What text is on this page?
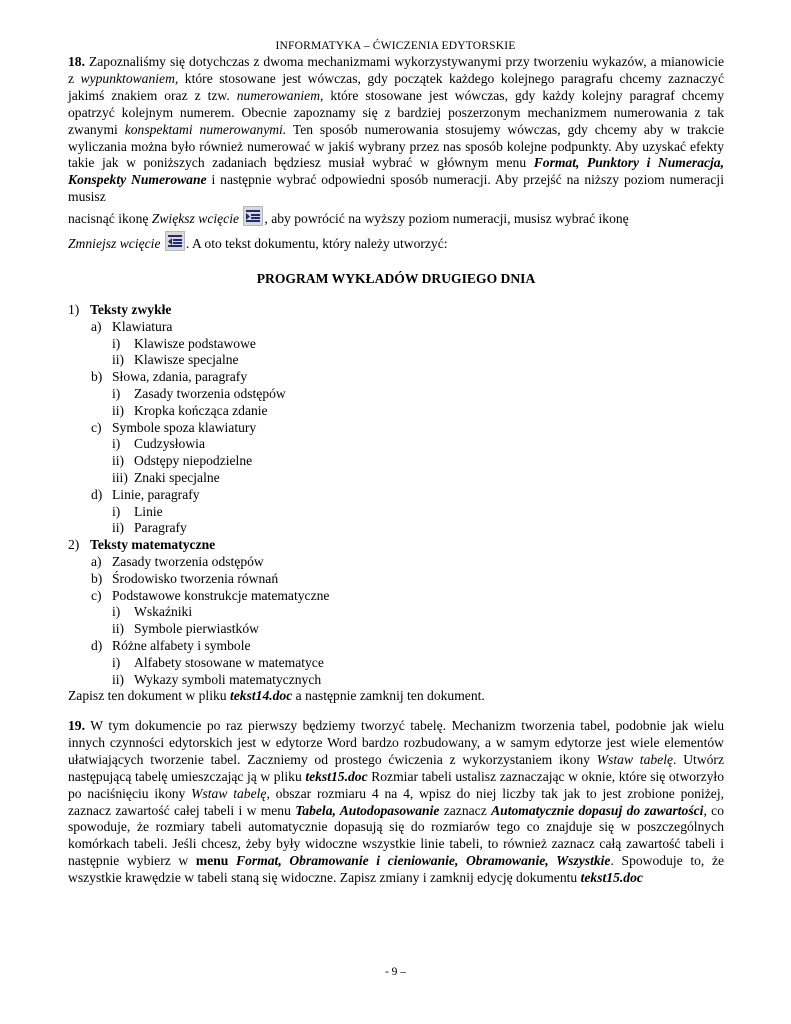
INFORMATYKA – ĆWICZENIA EDYTORSKIE
18. Zapoznaliśmy się dotychczas z dwoma mechanizmami wykorzystywanymi przy tworzeniu wykazów, a mianowicie z wypunktowaniem, które stosowane jest wówczas, gdy początek każdego kolejnego paragrafu chcemy zaznaczyć jakimś znakiem oraz z tzw. numerowaniem, które stosowane jest wówczas, gdy każdy kolejny paragraf chcemy opatrzyć kolejnym numerem. Obecnie zapoznamy się z bardziej poszerzonym mechanizmem numerowania z tak zwanymi konspektami numerowanymi. Ten sposób numerowania stosujemy wówczas, gdy chcemy aby w trakcie wyliczania można było również numerować w jakiś wybrany przez nas sposób kolejne podpunkty. Aby uzyskać efekty takie jak w poniższych zadaniach będziesz musiał wybrać w głównym menu Format, Punktory i Numeracja, Konspekty Numerowane i następnie wybrać odpowiedni sposób numeracji. Aby przejść na niższy poziom numeracji musisz
nacisnąć ikonę Zwiększ wcięcie , aby powrócić na wyższy poziom numeracji, musisz wybrać ikonę
Zmniejsz wcięcie . A oto tekst dokumentu, który należy utworzyć:
PROGRAM WYKŁADÓW DRUGIEGO DNIA
1) Teksty zwykłe
a) Klawiatura
i) Klawisze podstawowe
ii) Klawisze specjalne
b) Słowa, zdania, paragrafy
i) Zasady tworzenia odstępów
ii) Kropka kończąca zdanie
c) Symbole spoza klawiatury
i) Cudzysłowia
ii) Odstępy niepodzielne
iii) Znaki specjalne
d) Linie, paragrafy
i) Linie
ii) Paragrafy
2) Teksty matematyczne
a) Zasady tworzenia odstępów
b) Środowisko tworzenia równań
c) Podstawowe konstrukcje matematyczne
i) Wskaźniki
ii) Symbole pierwiastków
d) Różne alfabety i symbole
i) Alfabety stosowane w matematyce
ii) Wykazy symboli matematycznych
Zapisz ten dokument w pliku tekst14.doc a następnie zamknij ten dokument.
19. W tym dokumencie po raz pierwszy będziemy tworzyć tabelę. Mechanizm tworzenia tabel, podobnie jak wielu innych czynności edytorskich jest w edytorze Word bardzo rozbudowany, a w samym edytorze jest wiele elementów ułatwiających tworzenie tabel. Zaczniemy od prostego ćwiczenia z wykorzystaniem ikony Wstaw tabelę. Utwórz następującą tabelę umieszczając ją w pliku tekst15.doc Rozmiar tabeli ustalisz zaznaczając w oknie, które się otworzyło po naciśnięciu ikony Wstaw tabelę, obszar rozmiaru 4 na 4, wpisz do niej liczby tak jak to jest zrobione poniżej, zaznacz zawartość całej tabeli i w menu Tabela, Autodopasowanie zaznacz Automatycznie dopasuj do zawartości, co spowoduje, że rozmiary tabeli automatycznie dopasują się do rozmiarów tego co znajduje się w poszczególnych komórkach tabeli. Jeśli chcesz, żeby były widoczne wszystkie linie tabeli, to również zaznacz całą zawartość tabeli i następnie wybierz w menu Format, Obramowanie i cieniowanie, Obramowanie, Wszystkie. Spowoduje to, że wszystkie krawędzie w tabeli staną się widoczne. Zapisz zmiany i zamknij edycję dokumentu tekst15.doc
- 9 –
